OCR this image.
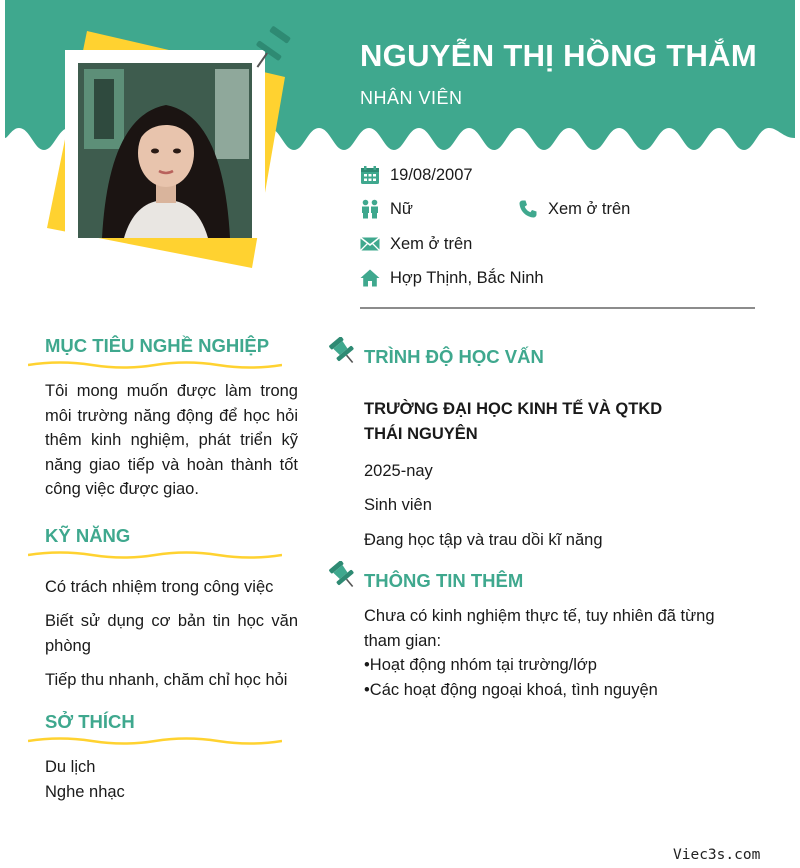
NGUYỄN THỊ HỒNG THẮM
NHÂN VIÊN
19/08/2007
Nữ	Xem ở trên
Xem ở trên
Hợp Thịnh, Bắc Ninh
MỤC TIÊU NGHỀ NGHIỆP
Tôi mong muốn được làm trong môi trường năng động để học hỏi thêm kinh nghiệm, phát triển kỹ năng giao tiếp và hoàn thành tốt công việc được giao.
KỸ NĂNG
Có trách nhiệm trong công việc
Biết sử dụng cơ bản tin học văn phòng
Tiếp thu nhanh, chăm chỉ học hỏi
SỞ THÍCH
Du lịch
Nghe nhạc
TRÌNH ĐỘ HỌC VẤN
TRƯỜNG ĐẠI HỌC KINH TẾ VÀ QTKD THÁI NGUYÊN
2025-nay
Sinh viên
Đang học tập và trau dồi kĩ năng
THÔNG TIN THÊM
Chưa có kinh nghiệm thực tế, tuy nhiên đã từng tham gian:
•Hoạt động nhóm tại trường/lớp
•Các hoạt động ngoại khoá, tình nguyện
Viec3s.com
